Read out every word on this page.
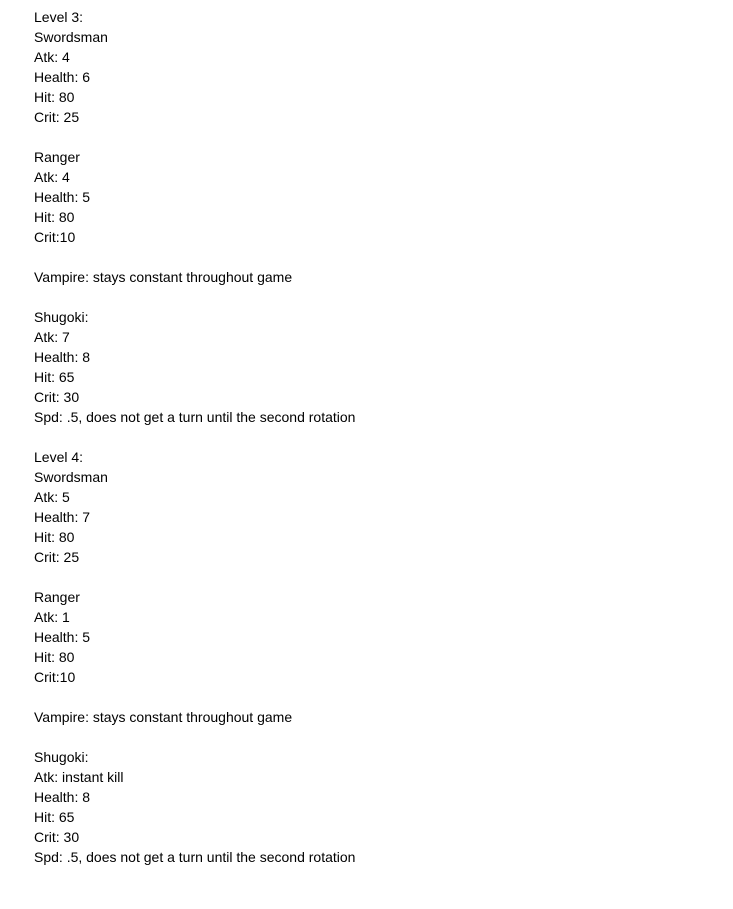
Level 3:
Swordsman
Atk: 4
Health: 6
Hit: 80
Crit: 25
Ranger
Atk: 4
Health: 5
Hit: 80
Crit:10
Vampire: stays constant throughout game
Shugoki:
Atk: 7
Health: 8
Hit: 65
Crit: 30
Spd: .5, does not get a turn until the second rotation
Level 4:
Swordsman
Atk: 5
Health: 7
Hit: 80
Crit: 25
Ranger
Atk: 1
Health: 5
Hit: 80
Crit:10
Vampire: stays constant throughout game
Shugoki:
Atk: instant kill
Health: 8
Hit: 65
Crit: 30
Spd: .5, does not get a turn until the second rotation
